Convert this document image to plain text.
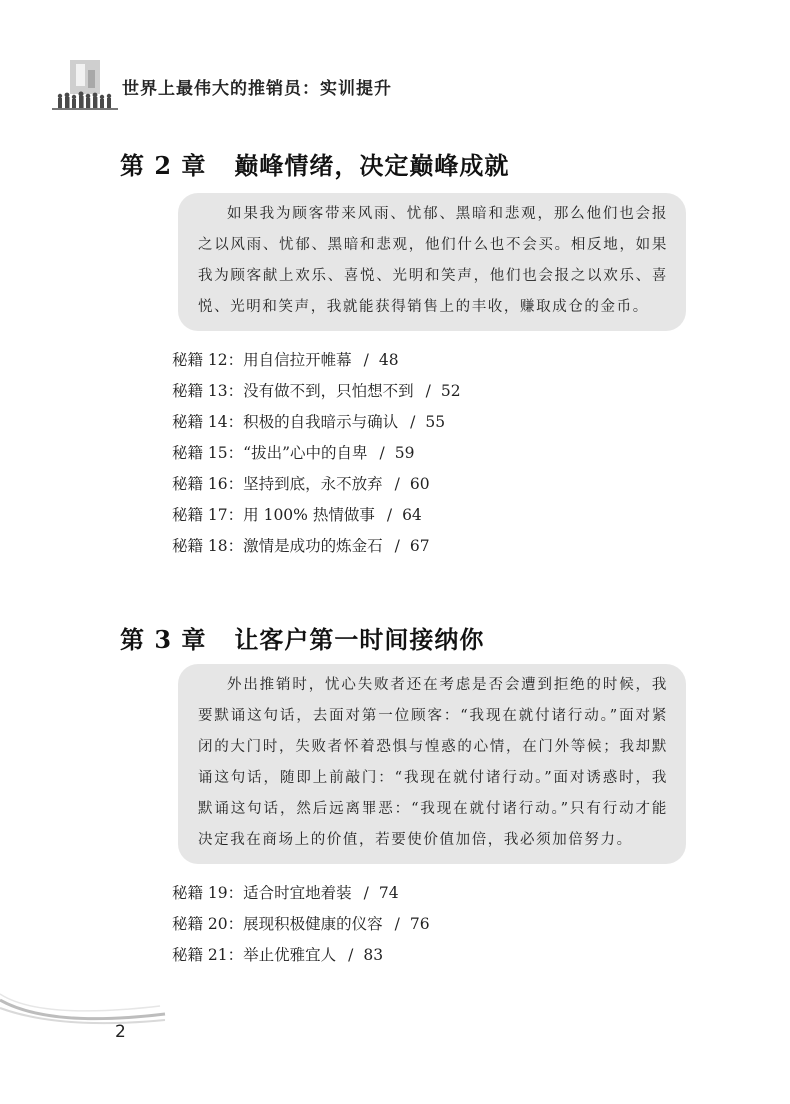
世界上最伟大的推销员：实训提升
第 2 章 巅峰情绪，决定巅峰成就

如果我为顾客带来风雨、忧郁、黑暗和悲观，那么他们也会报之以风雨、忧郁、黑暗和悲观，他们什么也不会买。相反地，如果我为顾客献上欢乐、喜悦、光明和笑声，他们也会报之以欢乐、喜悦、光明和笑声，我就能获得销售上的丰收，赚取成仓的金币。

秘籍 12：用自信拉开帷幕 / 48
秘籍 13：没有做不到，只怕想不到 / 52
秘籍 14：积极的自我暗示与确认 / 55
秘籍 15：“拔出”心中的自卑 / 59
秘籍 16：坚持到底，永不放弃 / 60
秘籍 17：用 100% 热情做事 / 64
秘籍 18：激情是成功的炼金石 / 67
第 3 章 让客户第一时间接纳你

外出推销时，忧心失败者还在考虑是否会遭到拒绝的时候，我要默诵这句话，去面对第一位顾客：“我现在就付诸行动。”面对紧闭的大门时，失败者怀着恐惧与惶惑的心情，在门外等候；我却默诵这句话，随即上前敲门：“我现在就付诸行动。”面对诱惑时，我默诵这句话，然后远离罪恶：“我现在就付诸行动。”只有行动才能决定我在商场上的价值，若要使价值加倍，我必须加倍努力。

秘籍 19：适合时宜地着装 / 74
秘籍 20：展现积极健康的仪容 / 76
秘籍 21：举止优雅宜人 / 83
2
